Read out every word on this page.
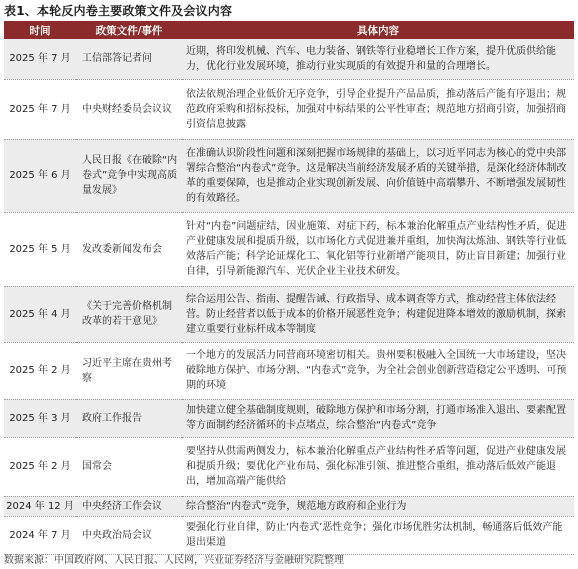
表1、本轮反内卷主要政策文件及会议内容
时间	政策文件/事件	具体内容
2025 年 7 月	工信部答记者问	近期，将印发机械、汽车、电力装备、钢铁等行业稳增长工作方案，提升优质供给能力，优化行业发展环境，推动行业实现质的有效提升和量的合理增长。
2025 年 7 月	中央财经委员会议议	依法依规治理企业低价无序竞争，引导企业提升产品品质，推动落后产能有序退出；规范政府采购和招标投标，加强对中标结果的公平性审查；规范地方招商引资，加强招商引资信息披露
2025 年 6 月	人民日报《在破除“内卷式”竞争中实现高质量发展》	在准确认识阶段性问题和深刻把握市场规律的基础上，以习近平同志为核心的党中央部署综合整治“内卷式”竞争。这是解决当前经济发展矛盾的关键举措，是深化经济体制改革的重要保障，也是推动企业实现创新发展、向价值链中高端攀升、不断增强发展韧性的有效路径。
2025 年 5 月	发改委新闻发布会	针对“内卷”问题症结，因业施策、对症下药，标本兼治化解重点产业结构性矛盾，促进产业健康发展和提质升级，以市场化方式促进兼并重组，加快淘汰炼油、钢铁等行业低效落后产能；科学论证煤化工、氧化铝等行业新增产能项目，防止盲目新建；加强行业自律，引导新能源汽车、光伏企业主业技术研发。
2025 年 4 月	《关于完善价格机制改革的若干意见》	综合运用公告、指南、提醒告诫、行政指导、成本调查等方式，推动经营主体依法经营。防止经营者以低于成本的价格开展恶性竞争；构建促进降本增效的激励机制，探索建立重要行业标杆成本等制度
2025 年 2 月	习近平主席在贵州考察	一个地方的发展活力同营商环境密切相关。贵州要积极融入全国统一大市场建设，坚决破除地方保护、市场分割、“内卷式”竞争，为全社会创业创新营造稳定公平透明、可预期的环境
2025 年 3 月	政府工作报告	加快建立健全基础制度规则，破除地方保护和市场分割，打通市场准入退出、要素配置等方面制约经济循环的卡点堵点，综合整治“内卷式”竞争
2025 年 2 月	国常会	要坚持从供需两侧发力，标本兼治化解重点产业结构性矛盾等问题，促进产业健康发展和提质升级；要优化产业布局、强化标准引领、推进整合重组，推动落后低效产能退出，增加高端产能供给
2024 年 12 月	中央经济工作会议	综合整治“内卷式”竞争，规范地方政府和企业行为
2024 年 7 月	中央政治局会议	要强化行业自律，防止‘内卷式’恶性竞争；强化市场优胜劣汰机制，畅通落后低效产能退出渠道
数据来源：中国政府网、人民日报、人民网，兴业证券经济与金融研究院整理
